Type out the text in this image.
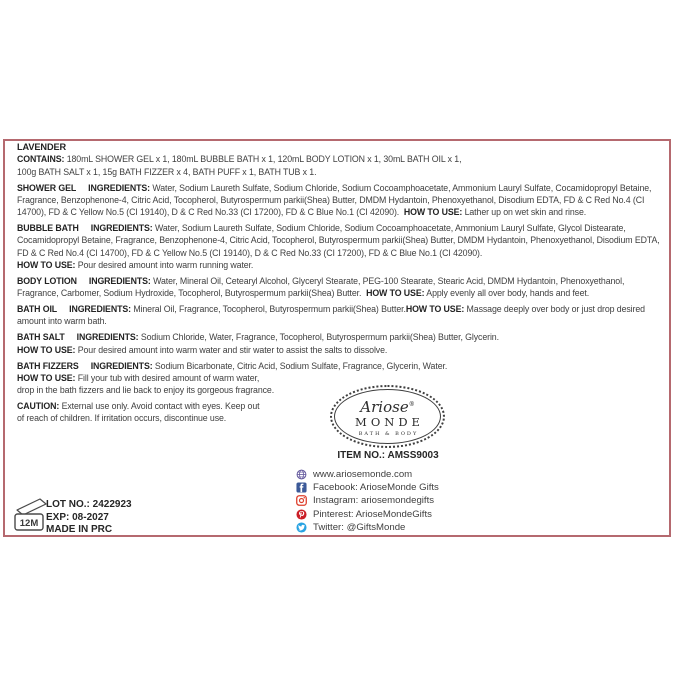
LAVENDER

CONTAINS: 180mL SHOWER GEL x 1, 180mL BUBBLE BATH x 1, 120mL BODY LOTION x 1, 30mL BATH OIL x 1,

100g BATH SALT x 1, 15g BATH FIZZER x 4, BATH PUFF x 1, BATH TUB x 1.

SHOWER GEL INGREDIENTS: Water, Sodium Laureth Sulfate, Sodium Chloride, Sodium Cocoamphoacetate, Ammonium Lauryl Sulfate, Cocamidopropyl Betaine, Fragrance, Benzophenone-4, Citric Acid, Tocopherol, Butyrospermum parkii(Shea) Butter, DMDM Hydantoin, Phenoxyethanol, Disodium EDTA, FD & C Red No.4 (CI 14700), FD & C Yellow No.5 (CI 19140), D & C Red No.33 (CI 17200), FD & C Blue No.1 (CI 42090). HOW TO USE: Lather up on wet skin and rinse.

BUBBLE BATH INGREDIENTS: Water, Sodium Laureth Sulfate, Sodium Chloride, Sodium Cocoamphoacetate, Ammonium Lauryl Sulfate, Glycol Distearate, Cocamidopropyl Betaine, Fragrance, Benzophenone-4, Citric Acid, Tocopherol, Butyrospermum parkii(Shea) Butter, DMDM Hydantoin, Phenoxyethanol, Disodium EDTA, FD & C Red No.4 (CI 14700), FD & C Yellow No.5 (CI 19140), D & C Red No.33 (CI 17200), FD & C Blue No.1 (CI 42090).
HOW TO USE: Pour desired amount into warm running water.

BODY LOTION INGREDIENTS: Water, Mineral Oil, Cetearyl Alcohol, Glyceryl Stearate, PEG-100 Stearate, Stearic Acid, DMDM Hydantoin, Phenoxyethanol, Fragrance, Carbomer, Sodium Hydroxide, Tocopherol, Butyrospermum parkii(Shea) Butter. HOW TO USE: Apply evenly all over body, hands and feet.

BATH OIL INGREDIENTS: Mineral Oil, Fragrance, Tocopherol, Butyrospermum parkii(Shea) Butter.HOW TO USE: Massage deeply over body or just drop desired amount into warm bath.

BATH SALT INGREDIENTS: Sodium Chloride, Water, Fragrance, Tocopherol, Butyrospermum parkii(Shea) Butter, Glycerin.
HOW TO USE: Pour desired amount into warm water and stir water to assist the salts to dissolve.

BATH FIZZERS INGREDIENTS: Sodium Bicarbonate, Citric Acid, Sodium Sulfate, Fragrance, Glycerin, Water.
HOW TO USE: Fill your tub with desired amount of warm water,
drop in the bath fizzers and lie back to enjoy its gorgeous fragrance.

CAUTION: External use only. Avoid contact with eyes. Keep out
of reach of children. If irritation occurs, discontinue use.

Ariose®
MONDE
BATH & BODY
ITEM NO.: AMSS9003
www.ariosemonde.com
Facebook: ArioseMonde Gifts
Instagram: ariosemondegifts
Pinterest: ArioseMondeGifts
Twitter: @GiftsMonde
12M
LOT NO.: 2422923
EXP: 08-2027
MADE IN PRC
